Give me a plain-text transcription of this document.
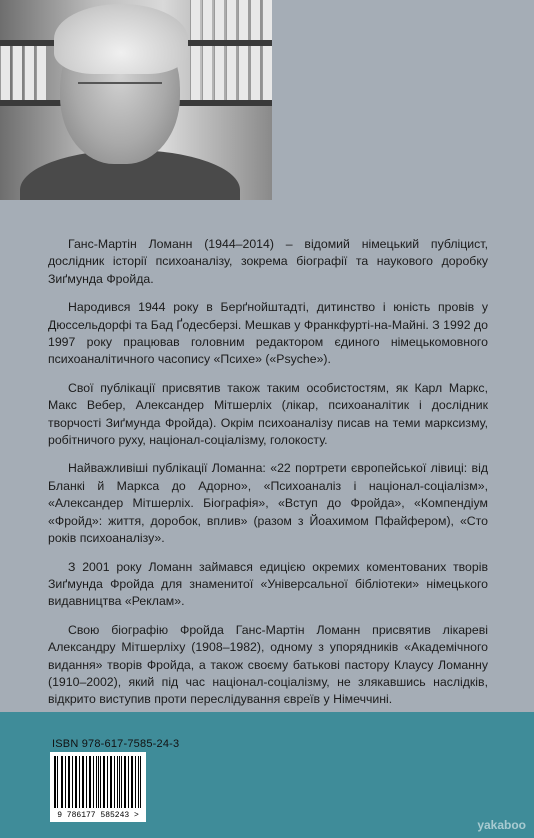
Ганс-Мартін Ломанн (1944–2014) – відомий німецький публіцист, дослідник історії психоаналізу, зокрема біографії та наукового доробку Зиґмунда Фройда.

Народився 1944 року в Берґнойштадті, дитинство і юність провів у Дюссельдорфі та Бад Ґодесберзі. Мешкав у Франкфурті-на-Майні. З 1992 до 1997 року працював головним редактором єдиного німецькомовного психоаналітичного часопису «Психе» («Psyche»).

Свої публікації присвятив також таким особистостям, як Карл Маркс, Макс Вебер, Александер Мітшерліх (лікар, психоаналітик і дослідник творчості Зиґмунда Фройда). Окрім психоаналізу писав на теми марксизму, робітничого руху, націонал-соціалізму, голокосту.

Найважливіші публікації Ломанна: «22 портрети європейської лівиці: від Бланкі й Маркса до Адорно», «Психоаналіз і націонал-соціалізм», «Александер Мітшерліх. Біографія», «Вступ до Фройда», «Компендіум «Фройд»: життя, доробок, вплив» (разом з Йоахимом Пфайфером), «Сто років психоаналізу».

З 2001 року Ломанн займався едицією окремих коментованих творів Зиґмунда Фройда для знаменитої «Універсальної бібліотеки» німецького видавництва «Реклам».

Свою біографію Фройда Ганс-Мартін Ломанн присвятив лікареві Александру Мітшерліху (1908–1982), одному з упорядників «Академічного видання» творів Фройда, а також своєму батькові пастору Клаусу Ломанну (1910–2002), який під час націонал-соціалізму, не злякавшись наслідків, відкрито виступив проти переслідування євреїв у Німеччині.

ISBN 978-617-7585-24-3
9 786177 585243 >
yakaboo
